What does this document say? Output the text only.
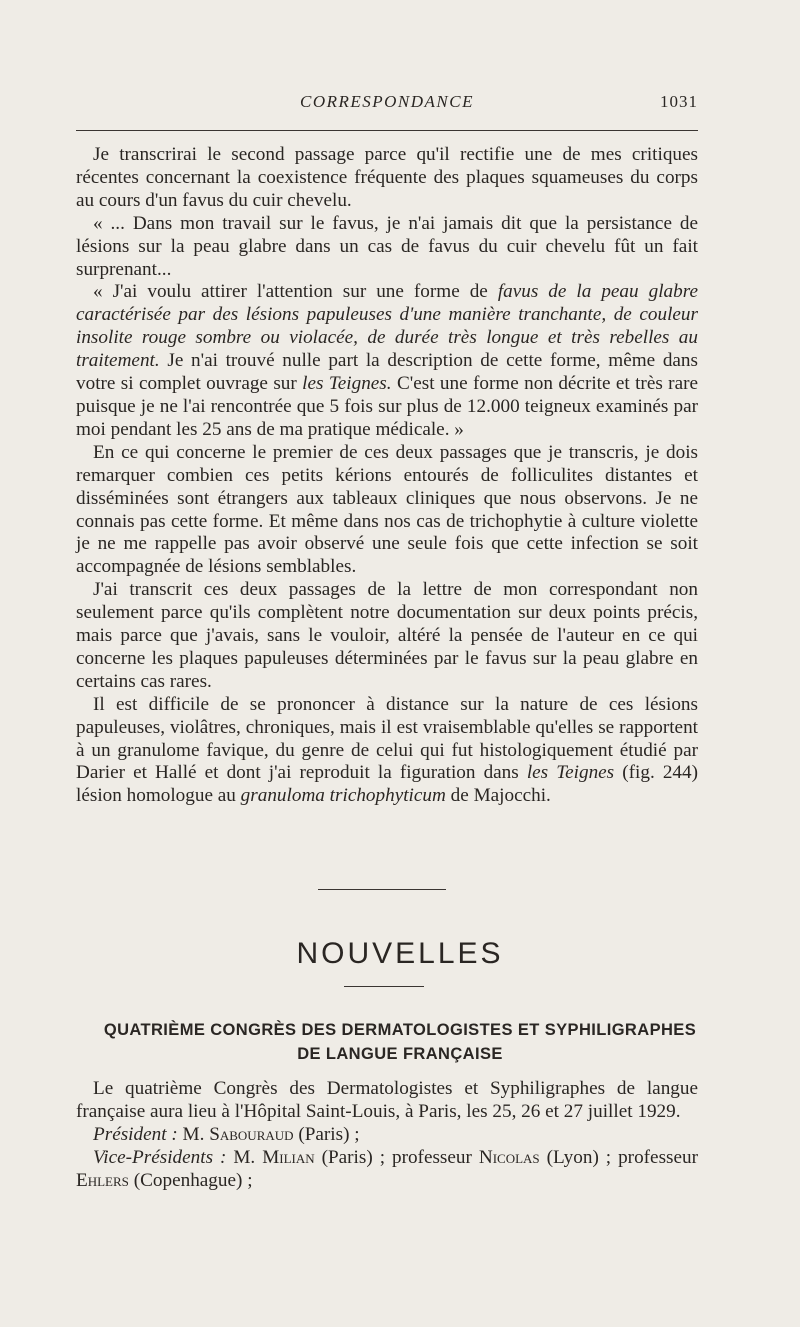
CORRESPONDANCE	1031

Je transcrirai le second passage parce qu'il rectifie une de mes critiques récentes concernant la coexistence fréquente des plaques squameuses du corps au cours d'un favus du cuir chevelu.

« ... Dans mon travail sur le favus, je n'ai jamais dit que la persistance de lésions sur la peau glabre dans un cas de favus du cuir chevelu fût un fait surprenant...

« J'ai voulu attirer l'attention sur une forme de favus de la peau glabre caractérisée par des lésions papuleuses d'une manière tranchante, de couleur insolite rouge sombre ou violacée, de durée très longue et très rebelles au traitement. Je n'ai trouvé nulle part la description de cette forme, même dans votre si complet ouvrage sur les Teignes. C'est une forme non décrite et très rare puisque je ne l'ai rencontrée que 5 fois sur plus de 12.000 teigneux examinés par moi pendant les 25 ans de ma pratique médicale. »

En ce qui concerne le premier de ces deux passages que je transcris, je dois remarquer combien ces petits kérions entourés de folliculites distantes et disséminées sont étrangers aux tableaux cliniques que nous observons. Je ne connais pas cette forme. Et même dans nos cas de trichophytie à culture violette je ne me rappelle pas avoir observé une seule fois que cette infection se soit accompagnée de lésions semblables.

J'ai transcrit ces deux passages de la lettre de mon correspondant non seulement parce qu'ils complètent notre documentation sur deux points précis, mais parce que j'avais, sans le vouloir, altéré la pensée de l'auteur en ce qui concerne les plaques papuleuses déterminées par le favus sur la peau glabre en certains cas rares.

Il est difficile de se prononcer à distance sur la nature de ces lésions papuleuses, violâtres, chroniques, mais il est vraisemblable qu'elles se rapportent à un granulome favique, du genre de celui qui fut histologiquement étudié par Darier et Hallé et dont j'ai reproduit la figuration dans les Teignes (fig. 244) lésion homologue au granuloma trichophyticum de Majocchi.

NOUVELLES
QUATRIÈME CONGRÈS DES DERMATOLOGISTES ET SYPHILIGRAPHES
DE LANGUE FRANÇAISE

Le quatrième Congrès des Dermatologistes et Syphiligraphes de langue française aura lieu à l'Hôpital Saint-Louis, à Paris, les 25, 26 et 27 juillet 1929.

Président : M. Sabouraud (Paris) ;

Vice-Présidents : M. Milian (Paris) ; professeur Nicolas (Lyon) ; professeur Ehlers (Copenhague) ;
